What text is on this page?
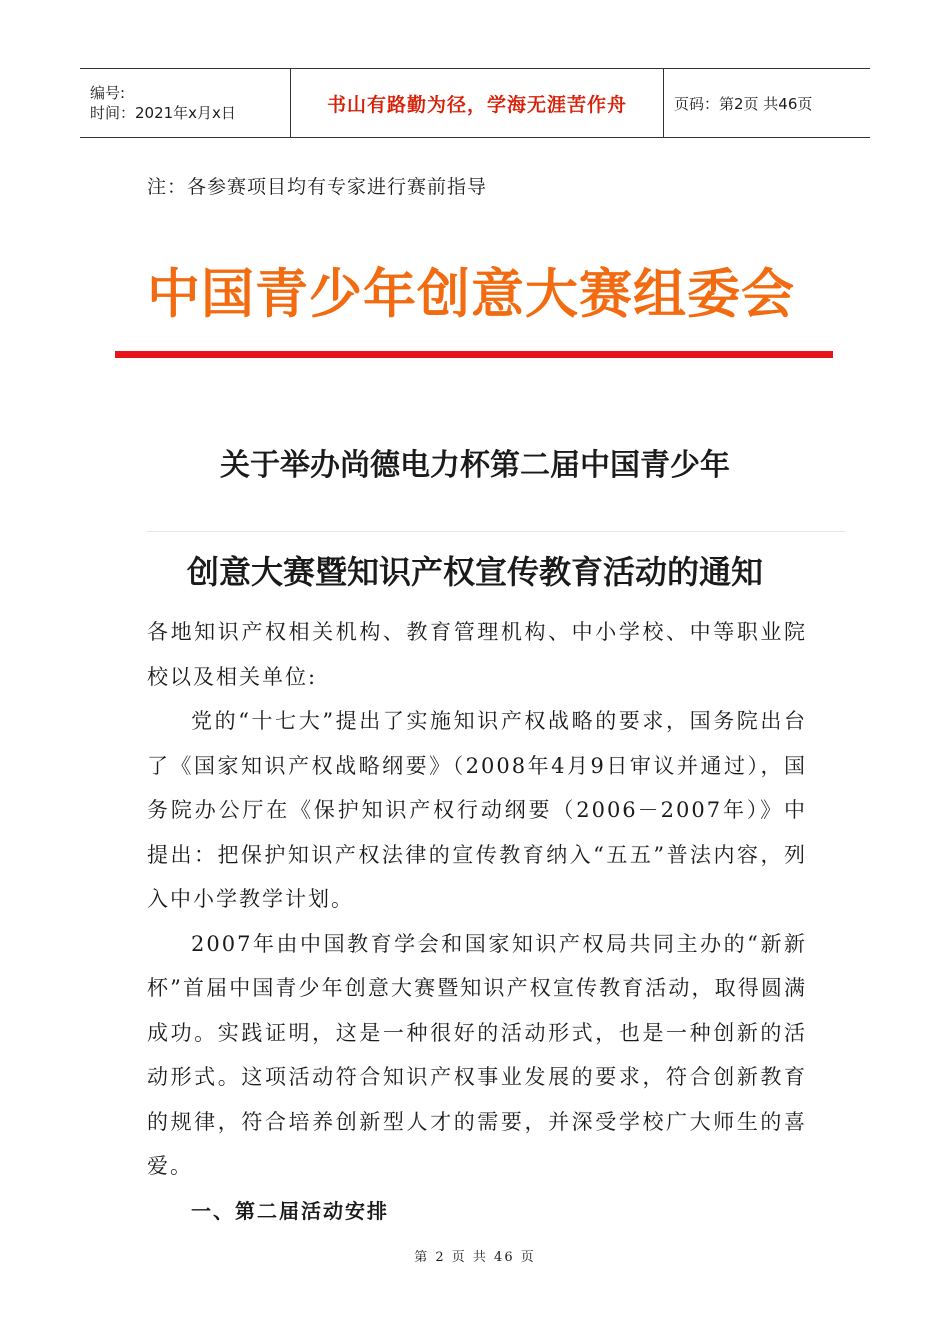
编号:
时间：2021年x月x日	书山有路勤为径，学海无涯苦作舟	页码：第2页 共46页
注：各参赛项目均有专家进行赛前指导
中国青少年创意大赛组委会
关于举办尚德电力杯第二届中国青少年
创意大赛暨知识产权宣传教育活动的通知

各地知识产权相关机构、教育管理机构、中小学校、中等职业院校以及相关单位:

党的“十七大”提出了实施知识产权战略的要求，国务院出台了《国家知识产权战略纲要》（2008年4月9日审议并通过），国务院办公厅在《保护知识产权行动纲要（2006－2007年）》中提出：把保护知识产权法律的宣传教育纳入“五五”普法内容，列入中小学教学计划。

2007年由中国教育学会和国家知识产权局共同主办的“新新杯”首届中国青少年创意大赛暨知识产权宣传教育活动，取得圆满成功。实践证明，这是一种很好的活动形式，也是一种创新的活动形式。这项活动符合知识产权事业发展的要求，符合创新教育的规律，符合培养创新型人才的需要，并深受学校广大师生的喜爱。

一、第二届活动安排

第 2 页 共 46 页
